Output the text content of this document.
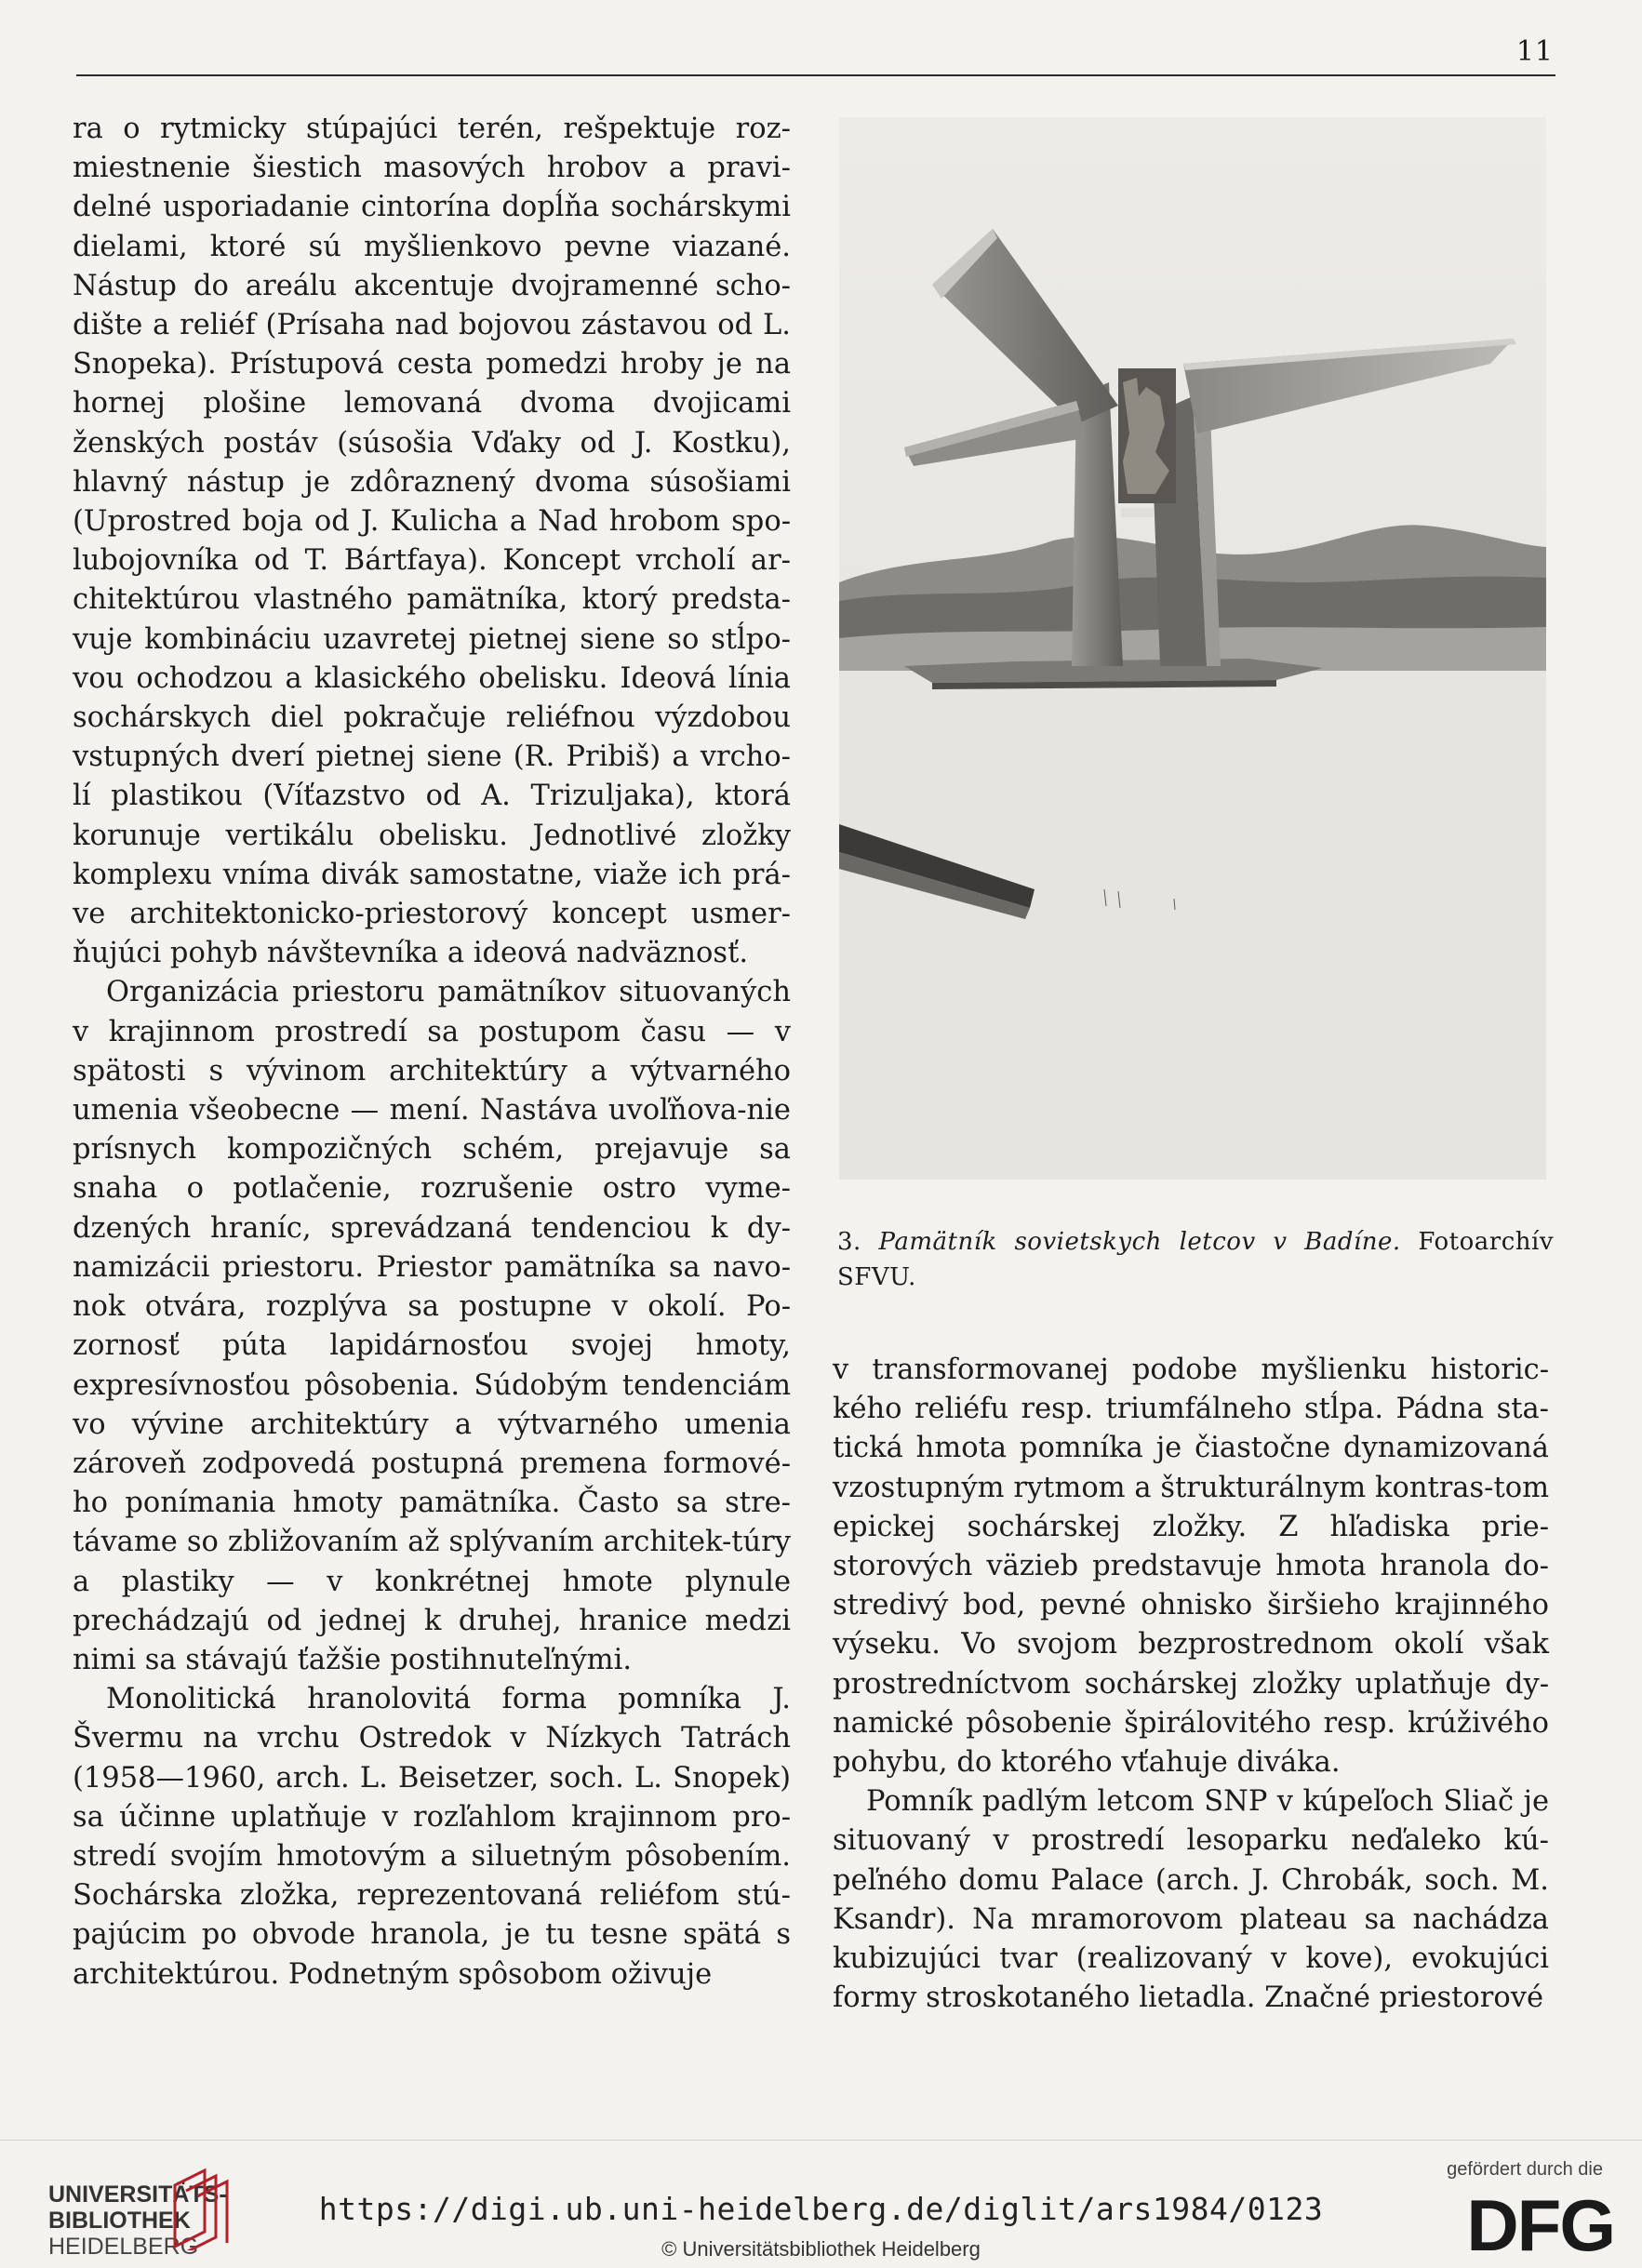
11

ra o rytmicky stúpajúci terén, rešpektuje roz-miestnenie šiestich masových hrobov a pravi-delné usporiadanie cintorína dopĺňa sochárskymi dielami, ktoré sú myšlienkovo pevne viazané. Nástup do areálu akcentuje dvojramenné scho-dište a reliéf (Prísaha nad bojovou zástavou od L. Snopeka). Prístupová cesta pomedzi hroby je na hornej plošine lemovaná dvoma dvojicami ženských postáv (súsošia Vďaky od J. Kostku), hlavný nástup je zdôraznený dvoma súsošiami (Uprostred boja od J. Kulicha a Nad hrobom spo-lubojovníka od T. Bártfaya). Koncept vrcholí ar-chitektúrou vlastného pamätníka, ktorý predsta-vuje kombináciu uzavretej pietnej siene so stĺpo-vou ochodzou a klasického obelisku. Ideová línia sochárskych diel pokračuje reliéfnou výzdobou vstupných dverí pietnej siene (R. Pribiš) a vrcho-lí plastikou (Víťazstvo od A. Trizuljaka), ktorá korunuje vertikálu obelisku. Jednotlivé zložky komplexu vníma divák samostatne, viaže ich prá-ve architektonicko-priestorový koncept usmer-ňujúci pohyb návštevníka a ideová nadväznosť.

Organizácia priestoru pamätníkov situovaných v krajinnom prostredí sa postupom času — v spätosti s vývinom architektúry a výtvarného umenia všeobecne — mení. Nastáva uvoľňova-nie prísnych kompozičných schém, prejavuje sa snaha o potlačenie, rozrušenie ostro vyme-dzených hraníc, sprevádzaná tendenciou k dy-namizácii priestoru. Priestor pamätníka sa navo-nok otvára, rozplýva sa postupne v okolí. Po-zornosť púta lapidárnosťou svojej hmoty, expresívnosťou pôsobenia. Súdobým tendenciám vo vývine architektúry a výtvarného umenia zároveň zodpovedá postupná premena formové-ho ponímania hmoty pamätníka. Často sa stre-távame so zbližovaním až splývaním architek-túry a plastiky — v konkrétnej hmote plynule prechádzajú od jednej k druhej, hranice medzi nimi sa stávajú ťažšie postihnuteľnými.

Monolitická hranolovitá forma pomníka J. Švermu na vrchu Ostredok v Nízkych Tatrách (1958—1960, arch. L. Beisetzer, soch. L. Snopek) sa účinne uplatňuje v rozľahlom krajinnom pro-stredí svojím hmotovým a siluetným pôsobením. Sochárska zložka, reprezentovaná reliéfom stú-pajúcim po obvode hranola, je tu tesne spätá s architektúrou. Podnetným spôsobom oživuje

3. Pamätník sovietskych letcov v Badíne. Fotoarchív SFVU.

v transformovanej podobe myšlienku historic-kého reliéfu resp. triumfálneho stĺpa. Pádna sta-tická hmota pomníka je čiastočne dynamizovaná vzostupným rytmom a štrukturálnym kontras-tom epickej sochárskej zložky. Z hľadiska prie-storových väzieb predstavuje hmota hranola do-stredivý bod, pevné ohnisko širšieho krajinného výseku. Vo svojom bezprostrednom okolí však prostredníctvom sochárskej zložky uplatňuje dy-namické pôsobenie špirálovitého resp. krúživého pohybu, do ktorého vťahuje diváka.

Pomník padlým letcom SNP v kúpeľoch Sliač je situovaný v prostredí lesoparku neďaleko kú-peľného domu Palace (arch. J. Chrobák, soch. M. Ksandr). Na mramorovom plateau sa nachádza kubizujúci tvar (realizovaný v kove), evokujúci formy stroskotaného lietadla. Značné priestorové

UNIVERSITÄTS-
BIBLIOTHEK
HEIDELBERG
https://digi.ub.uni-heidelberg.de/diglit/ars1984/0123
© Universitätsbibliothek Heidelberg
gefördert durch die
DFG
